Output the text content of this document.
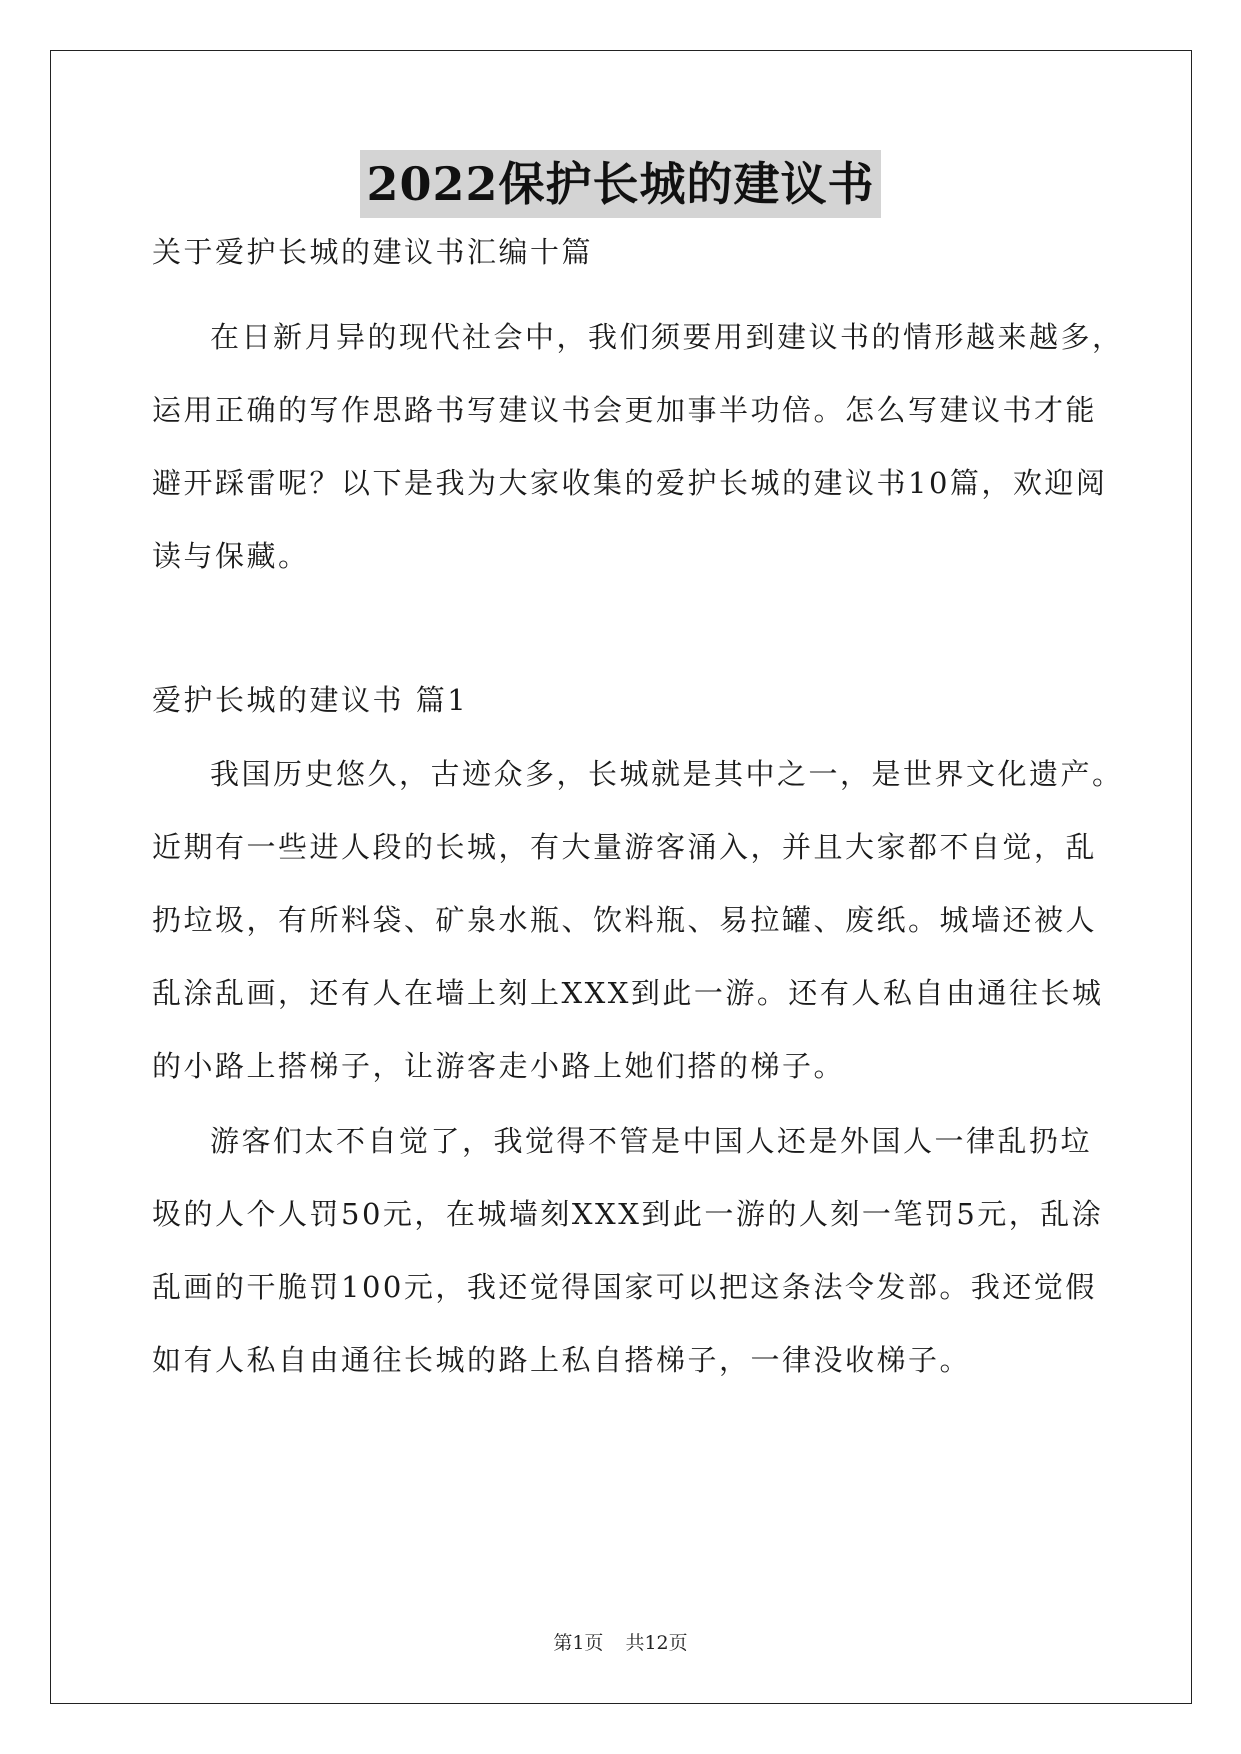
2022保护长城的建议书
关于爱护长城的建议书汇编十篇
在日新月异的现代社会中，我们须要用到建议书的情形越来越多，
运用正确的写作思路书写建议书会更加事半功倍。怎么写建议书才能
避开踩雷呢？以下是我为大家收集的爱护长城的建议书10篇，欢迎阅
读与保藏。
爱护长城的建议书 篇1
我国历史悠久，古迹众多，长城就是其中之一，是世界文化遗产。
近期有一些进人段的长城，有大量游客涌入，并且大家都不自觉，乱
扔垃圾，有所料袋、矿泉水瓶、饮料瓶、易拉罐、废纸。城墙还被人
乱涂乱画，还有人在墙上刻上XXX到此一游。还有人私自由通往长城
的小路上搭梯子，让游客走小路上她们搭的梯子。
游客们太不自觉了，我觉得不管是中国人还是外国人一律乱扔垃
圾的人个人罚50元，在城墙刻XXX到此一游的人刻一笔罚5元，乱涂
乱画的干脆罚100元，我还觉得国家可以把这条法令发部。我还觉假
如有人私自由通往长城的路上私自搭梯子，一律没收梯子。
第1页 共12页
